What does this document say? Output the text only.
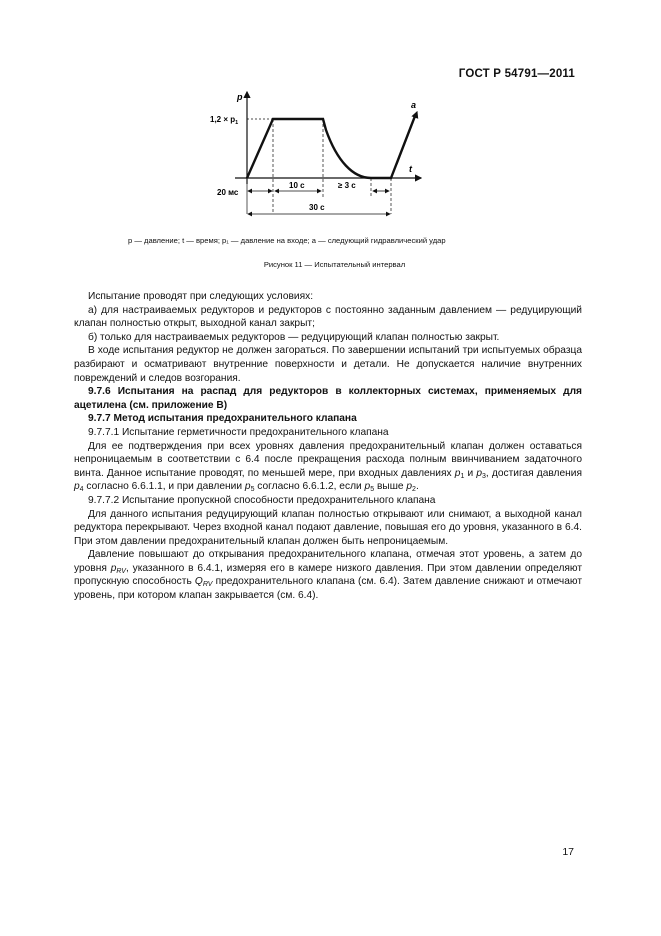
ГОСТ Р 54791—2011
p
t
a
$1,2 \times p_1$
20 мс
10 с	≥ 3 с
30 с
p — давление; t — время; p₁ — давление на входе; a — следующий гидравлический удар
Рисунок 11 — Испытательный интервал

Испытание проводят при следующих условиях:

а) для настраиваемых редукторов и редукторов с постоянно заданным давлением — редуцирующий клапан полностью открыт, выходной канал закрыт;

б) только для настраиваемых редукторов — редуцирующий клапан полностью закрыт.

В ходе испытания редуктор не должен загораться. По завершении испытаний три испытуемых образца разбирают и осматривают внутренние поверхности и детали. Не допускается наличие внутренних повреждений и следов возгорания.

9.7.6 Испытания на распад для редукторов в коллекторных системах, применяемых для ацетилена (см. приложение В)

9.7.7 Метод испытания предохранительного клапана

9.7.7.1 Испытание герметичности предохранительного клапана

Для ее подтверждения при всех уровнях давления предохранительный клапан должен оставаться непроницаемым в соответствии с 6.4 после прекращения расхода полным ввинчиванием задаточного винта. Данное испытание проводят, по меньшей мере, при входных давлениях $p_1$ и $p_3$, достигая давления $p_4$ согласно 6.6.1.1, и при давлении $p_5$ согласно 6.6.1.2, если $p_5$ выше $p_2$.

9.7.7.2 Испытание пропускной способности предохранительного клапана

Для данного испытания редуцирующий клапан полностью открывают или снимают, а выходной канал редуктора перекрывают. Через входной канал подают давление, повышая его до уровня, указанного в 6.4. При этом давлении предохранительный клапан должен быть непроницаемым.

Давление повышают до открывания предохранительного клапана, отмечая этот уровень, а затем до уровня $p_{RV}$, указанного в 6.4.1, измеряя его в камере низкого давления. При этом давлении определяют пропускную способность $Q_{RV}$ предохранительного клапана (см. 6.4). Затем давление снижают и отмечают уровень, при котором клапан закрывается (см. 6.4).

17
